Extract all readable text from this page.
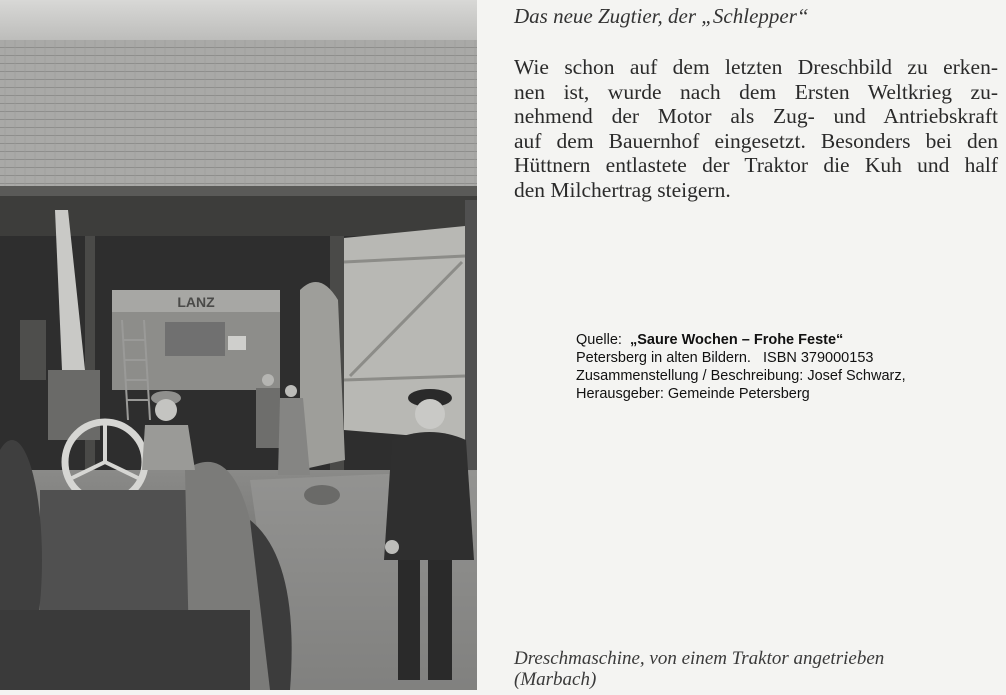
LANZ
Das neue Zugtier, der „Schlepper“
Wie schon auf dem letzten Dreschbild zu erken-
nen ist, wurde nach dem Ersten Weltkrieg zu-
nehmend der Motor als Zug- und Antriebskraft
auf dem Bauernhof eingesetzt. Besonders bei den
Hüttnern entlastete der Traktor die Kuh und half
den Milchertrag steigern.
Quelle: „Saure Wochen – Frohe Feste“
Petersberg in alten Bildern.   ISBN 379000153
Zusammenstellung / Beschreibung: Josef Schwarz,
Herausgeber: Gemeinde Petersberg
Dreschmaschine, von einem Traktor angetrieben
(Marbach)
